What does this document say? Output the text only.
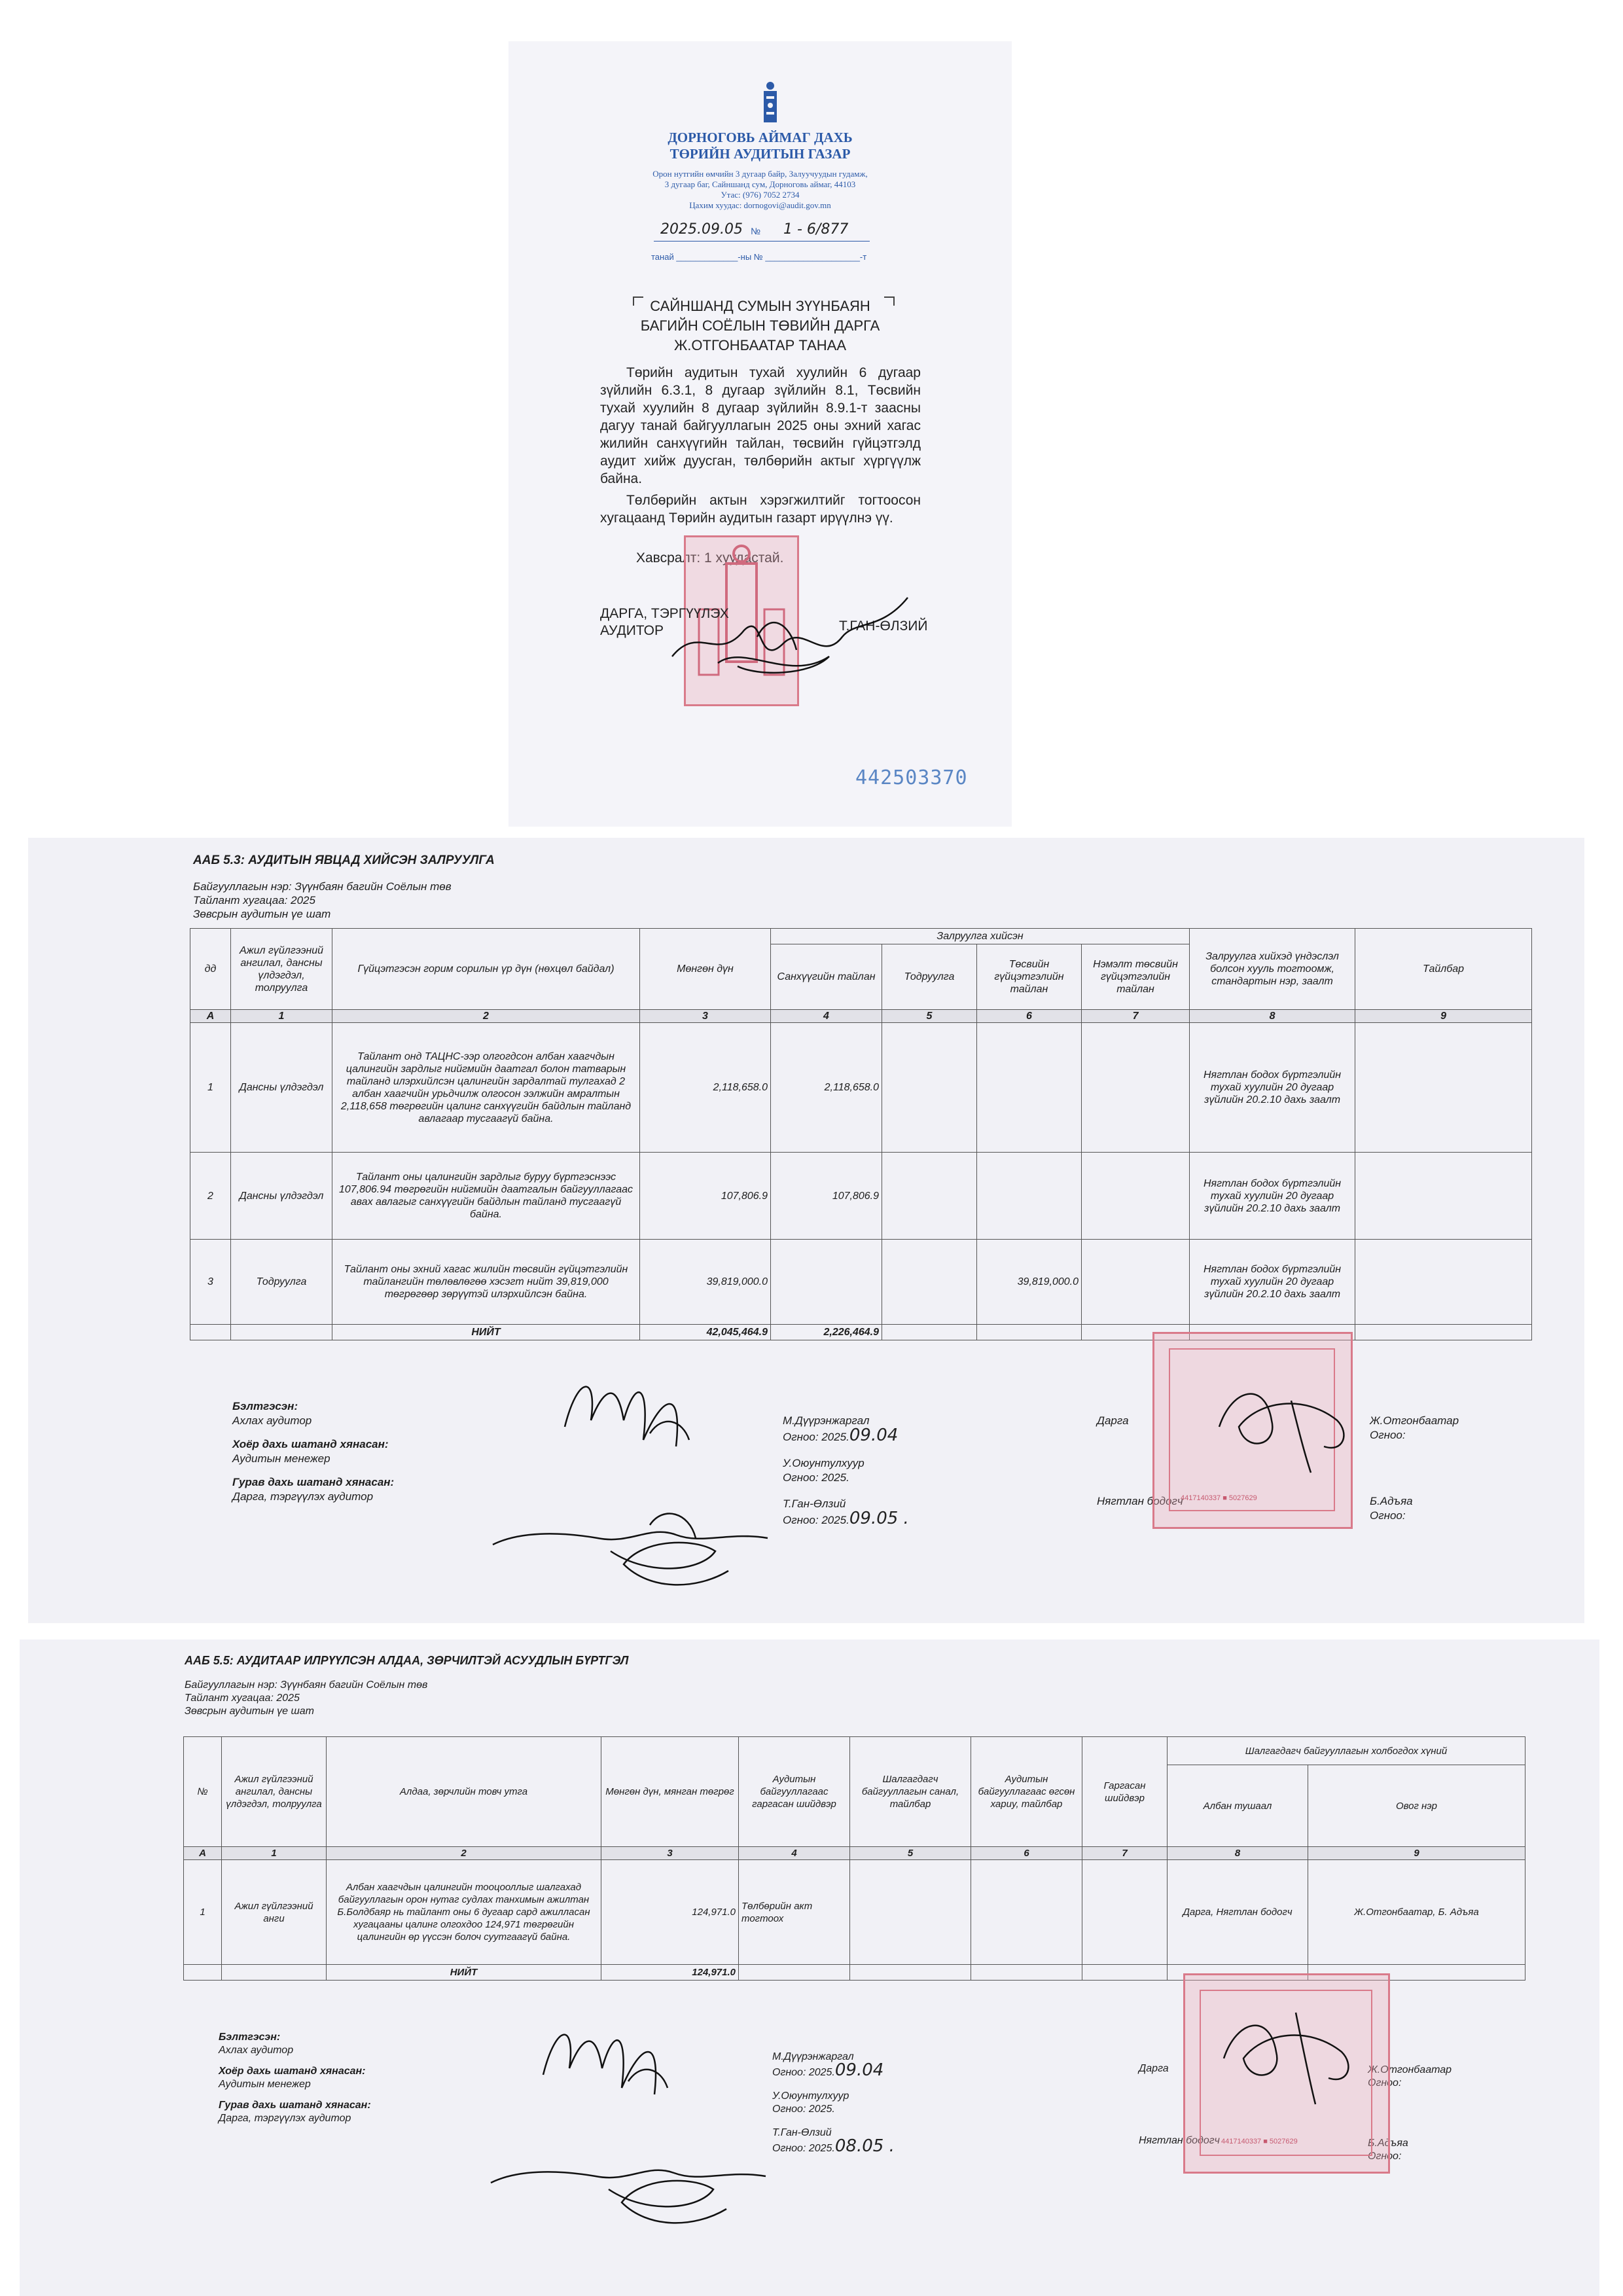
ДОРНОГОВЬ АЙМАГ ДАХЬ
ТӨРИЙН АУДИТЫН ГАЗАР
Орон нутгийн өмчийн 3 дугаар байр, Залуучуудын гудамж,
3 дугаар баг, Сайншанд сум, Дорноговь аймаг, 44103
Утас: (976) 7052 2734
Цахим хуудас: dornogovi@audit.gov.mn
2025.09.05 № 1 - 6/877
танай _____________-ны № ____________________-т
САЙНШАНД СУМЫН ЗҮҮНБАЯН
БАГИЙН СОЁЛЫН ТӨВИЙН ДАРГА
Ж.ОТГОНБААТАР ТАНАА
Төрийн аудитын тухай хуулийн 6 дугаар зүйлийн 6.3.1, 8 дугаар зүйлийн 8.1, Төсвийн тухай хуулийн 8 дугаар зүйлийн 8.9.1-т заасны дагуу танай байгууллагын 2025 оны эхний хагас жилийн санхүүгийн тайлан, төсвийн гүйцэтгэлд аудит хийж дуусган, төлбөрийн актыг хүргүүлж байна.
Төлбөрийн актын хэрэгжилтийг тогтоосон хугацаанд Төрийн аудитын газарт ирүүлнэ үү.
Хавсралт: 1 хуудастай.
ДАРГА, ТЭРГҮҮЛЭХ
АУДИТОР	Т.ГАН-ӨЛЗИЙ
442503370
ААБ 5.3: АУДИТЫН ЯВЦАД ХИЙСЭН ЗАЛРУУЛГА
Байгууллагын нэр: Зүүнбаян багийн Соёлын төв
Тайлант хугацаа: 2025
Зөвсрын аудитын үе шат
дд	Ажил гүйлгээний ангилал, дансны үлдэгдэл, толруулга	Гүйцэтгэсэн горим сорилын үр дүн (нөхцөл байдал)	Мөнгөн дүн	Залруулга хийсэн				Залруулга хийхэд үндэслэл болсон хууль тогтоомж, стандартын нэр, заалт	Тайлбар
				Санхүүгийн тайлан	Тодруулга	Төсвийн гүйцэтгэлийн тайлан	Нэмэлт төсвийн гүйцэтгэлийн тайлан		
А	1	2	3	4	5	6	7	8	9
1	Дансны үлдэгдэл	Тайлант онд ТАЦНС-ээр олгогдсон албан хаагчдын цалингийн зардлыг нийгмийн даатгал болон татварын тайланд илэрхийлсэн цалингийн зардалтай тулгахад 2 албан хаагчийн урьдчилж олгосон ээлжийн амралтын 2,118,658 төгрөгийн цалинг санхүүгийн байдлын тайланд авлагаар тусгаагүй байна.	2,118,658.0	2,118,658.0				Нягтлан бодох бүртгэлийн тухай хуулийн 20 дугаар зүйлийн 20.2.10 дахь заалт	
2	Дансны үлдэгдэл	Тайлант оны цалингийн зардлыг буруу бүртгэснээс 107,806.94 төгрөгийн нийгмийн даатгалын байгууллагаас авах авлагыг санхүүгийн байдлын тайланд тусгаагүй байна.	107,806.9	107,806.9				Нягтлан бодох бүртгэлийн тухай хуулийн 20 дугаар зүйлийн 20.2.10 дахь заалт	
3	Тодруулга	Тайлант оны эхний хагас жилийн төсвийн гүйцэтгэлийн тайлангийн төлөвлөгөө хэсэгт нийт 39,819,000 төгрөгөөр зөрүүтэй илэрхийлсэн байна.	39,819,000.0			39,819,000.0		Нягтлан бодох бүртгэлийн тухай хуулийн 20 дугаар зүйлийн 20.2.10 дахь заалт	
		НИЙТ	42,045,464.9	2,226,464.9					
Бэлтгэсэн:
Ахлах аудитор
Хоёр дахь шатанд хянасан:
Аудитын менежер
Гурав дахь шатанд хянасан:
Дарга, тэргүүлэх аудитор
М.Дүүрэнжаргал
Огноо: 2025.09.04
У.Оюунтулхуур
Огноо: 2025.
Т.Ган-Өлзий
Огноо: 2025.09.05 .
Дарга
Нягтлан бодогч
Ж.Отгонбаатар
Огноо:
Б.Адъяа
Огноо:
4417140337 ■ 5027629
ААБ 5.5: АУДИТААР ИЛРҮҮЛСЭН АЛДАА, ЗӨРЧИЛТЭЙ АСУУДЛЫН БҮРТГЭЛ
Байгууллагын нэр: Зүүнбаян багийн Соёлын төв
Тайлант хугацаа: 2025
Зөвсрын аудитын үе шат
№	Ажил гүйлгээний ангилал, дансны үлдэгдэл, толруулга	Алдаа, зөрчлийн товч утга	Мөнгөн дүн, мянган төгрөг	Аудитын байгууллагаас гаргасан шийдвэр	Шалгагдагч байгууллагын санал, тайлбар	Аудитын байгууллагаас өгсөн хариу, тайлбар	Гаргасан шийдвэр	Шалгагдагч байгууллагын холбогдох хүний	
								Албан тушаал	Овог нэр
А	1	2	3	4	5	6	7	8	9
1	Ажил гүйлгээний анги	Албан хаагчдын цалингийн тооцооллыг шалгахад байгууллагын орон нутаг судлах танхимын ажилтан Б.Болдбаяр нь тайлант оны 6 дугаар сард ажилласан хугацааны цалинг олгохдоо 124,971 төгрөгийн цалингийн өр үүссэн болоч суутгаагүй байна.	124,971.0	Төлбөрийн акт тогтоох				Дарга, Нягтлан бодогч	Ж.Отгонбаатар, Б. Адъяа
		НИЙТ	124,971.0						
Бэлтгэсэн:
Ахлах аудитор
Хоёр дахь шатанд хянасан:
Аудитын менежер
Гурав дахь шатанд хянасан:
Дарга, тэргүүлэх аудитор
М.Дүүрэнжаргал
Огноо: 2025.09.04
У.Оюунтулхуур
Огноо: 2025.
Т.Ган-Өлзий
Огноо: 2025.08.05 .
Дарга
Нягтлан бодогч
Ж.Отгонбаатар
Огноо:
Б.Адъяа
Огноо:
4417140337 ■ 5027629
